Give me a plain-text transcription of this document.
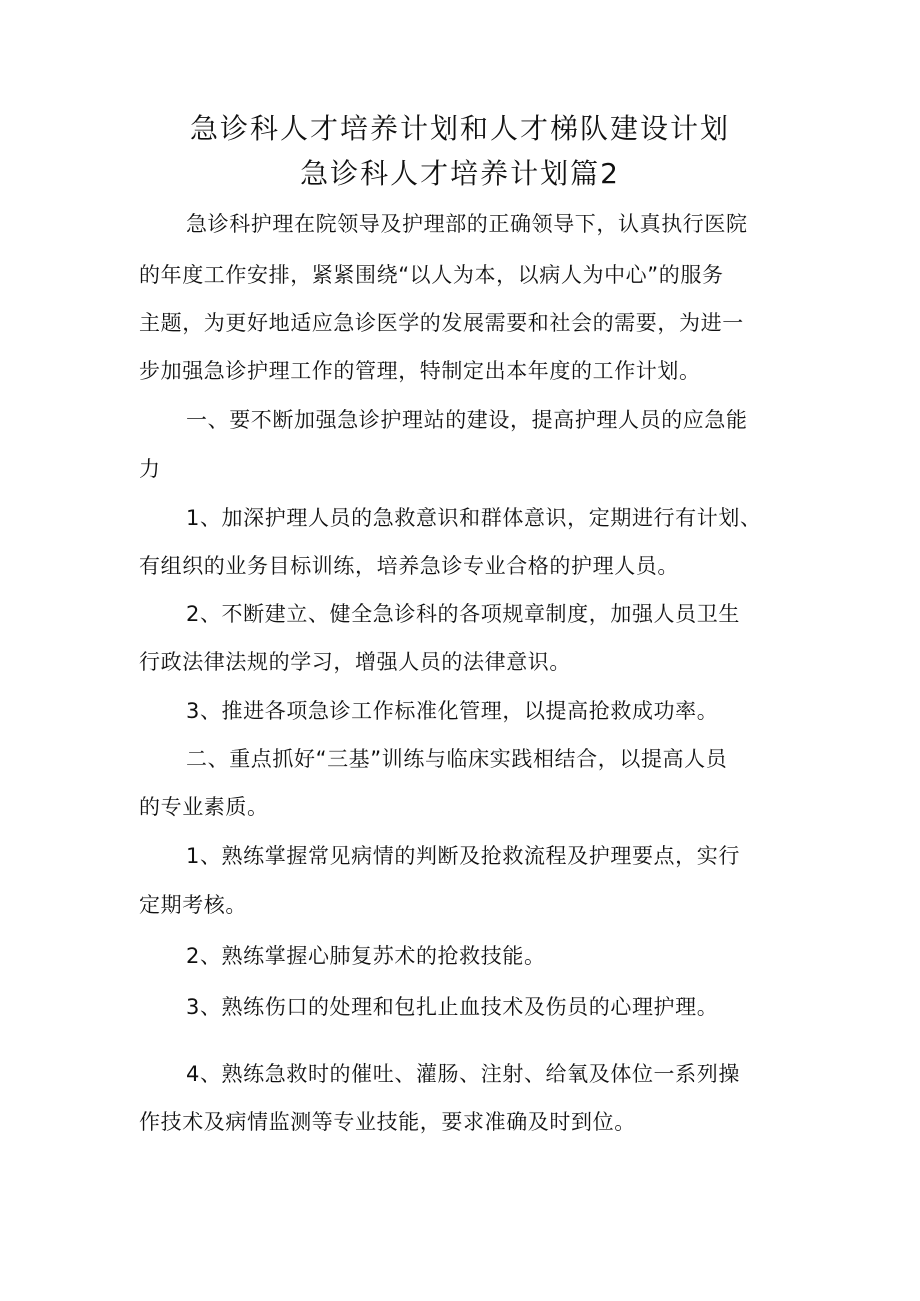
急诊科人才培养计划和人才梯队建设计划
急诊科人才培养计划篇2
急诊科护理在院领导及护理部的正确领导下，认真执行医院
的年度工作安排，紧紧围绕“以人为本，以病人为中心”的服务
主题，为更好地适应急诊医学的发展需要和社会的需要，为进一
步加强急诊护理工作的管理，特制定出本年度的工作计划。
一、要不断加强急诊护理站的建设，提高护理人员的应急能
力
1、加深护理人员的急救意识和群体意识，定期进行有计划、
有组织的业务目标训练，培养急诊专业合格的护理人员。
2、不断建立、健全急诊科的各项规章制度，加强人员卫生
行政法律法规的学习，增强人员的法律意识。
3、推进各项急诊工作标准化管理，以提高抢救成功率。
二、重点抓好“三基”训练与临床实践相结合，以提高人员
的专业素质。
1、熟练掌握常见病情的判断及抢救流程及护理要点，实行
定期考核。
2、熟练掌握心肺复苏术的抢救技能。
3、熟练伤口的处理和包扎止血技术及伤员的心理护理。
4、熟练急救时的催吐、灌肠、注射、给氧及体位一系列操
作技术及病情监测等专业技能，要求准确及时到位。
